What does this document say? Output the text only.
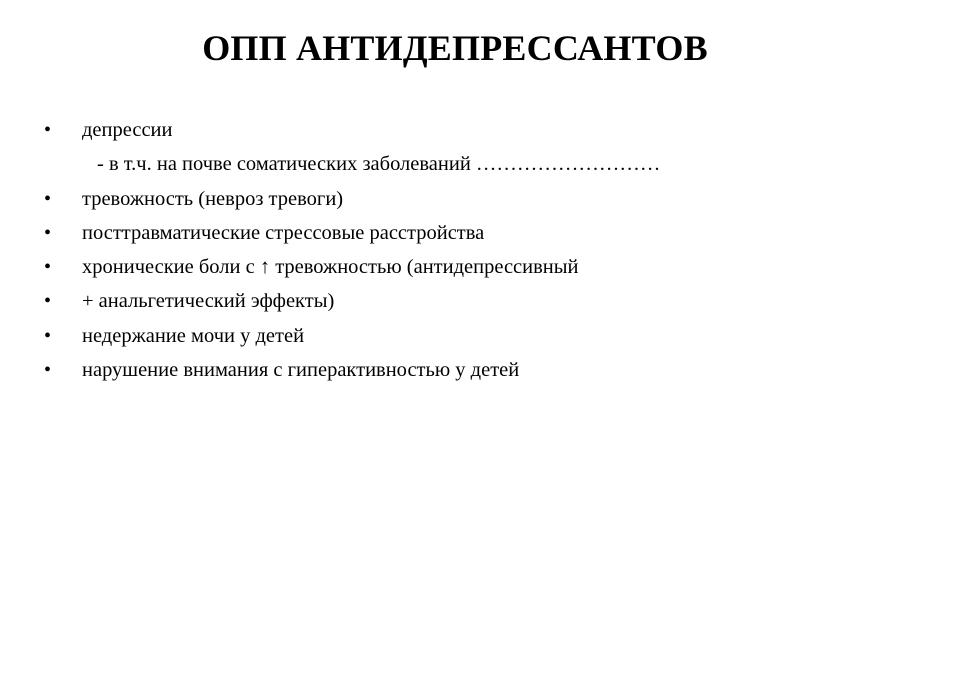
ОПП АНТИДЕПРЕССАНТОВ
• депрессии
- в т.ч. на почве соматических заболеваний ………………………
• тревожность (невроз тревоги)
• посттравматические стрессовые расстройства
• хронические боли с ↑ тревожностью (антидепрессивный
• + анальгетический эффекты)
• недержание мочи у детей
• нарушение внимания с гиперактивностью у детей
